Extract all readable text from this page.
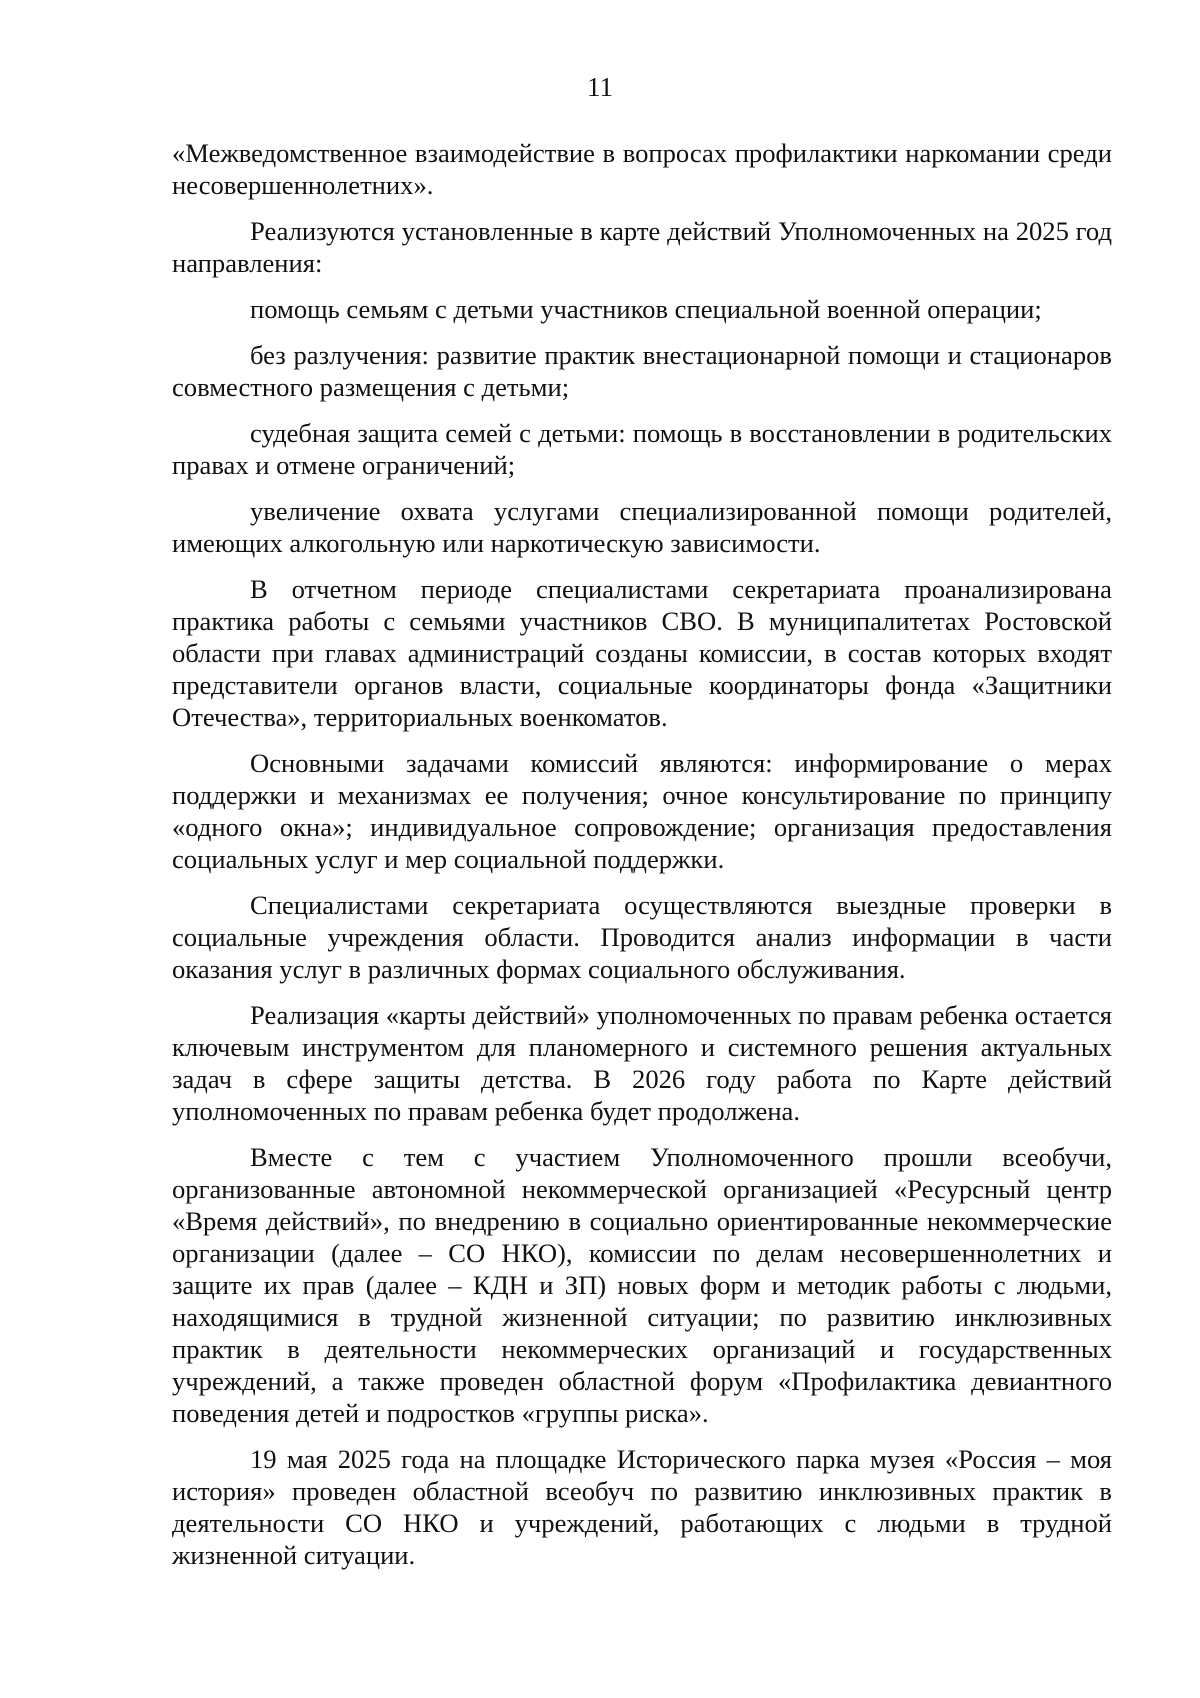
11

«Межведомственное взаимодействие в вопросах профилактики наркомании среди несовершеннолетних».

Реализуются установленные в карте действий Уполномоченных на 2025 год направления:

помощь семьям с детьми участников специальной военной операции;

без разлучения: развитие практик внестационарной помощи и стационаров совместного размещения с детьми;

судебная защита семей с детьми: помощь в восстановлении в родительских правах и отмене ограничений;

увеличение охвата услугами специализированной помощи родителей, имеющих алкогольную или наркотическую зависимости.

В отчетном периоде специалистами секретариата проанализирована практика работы с семьями участников СВО. В муниципалитетах Ростовской области при главах администраций созданы комиссии, в состав которых входят представители органов власти, социальные координаторы фонда «Защитники Отечества», территориальных военкоматов.

Основными задачами комиссий являются: информирование о мерах поддержки и механизмах ее получения; очное консультирование по принципу «одного окна»; индивидуальное сопровождение; организация предоставления социальных услуг и мер социальной поддержки.

Специалистами секретариата осуществляются выездные проверки в социальные учреждения области. Проводится анализ информации в части оказания услуг в различных формах социального обслуживания.

Реализация «карты действий» уполномоченных по правам ребенка остается ключевым инструментом для планомерного и системного решения актуальных задач в сфере защиты детства. В 2026 году работа по Карте действий уполномоченных по правам ребенка будет продолжена.

Вместе с тем с участием Уполномоченного прошли всеобучи, организованные автономной некоммерческой организацией «Ресурсный центр «Время действий», по внедрению в социально ориентированные некоммерческие организации (далее – СО НКО), комиссии по делам несовершеннолетних и защите их прав (далее – КДН и ЗП) новых форм и методик работы с людьми, находящимися в трудной жизненной ситуации; по развитию инклюзивных практик в деятельности некоммерческих организаций и государственных учреждений, а также проведен областной форум «Профилактика девиантного поведения детей и подростков «группы риска».

19 мая 2025 года на площадке Исторического парка музея «Россия – моя история» проведен областной всеобуч по развитию инклюзивных практик в деятельности СО НКО и учреждений, работающих с людьми в трудной жизненной ситуации.
